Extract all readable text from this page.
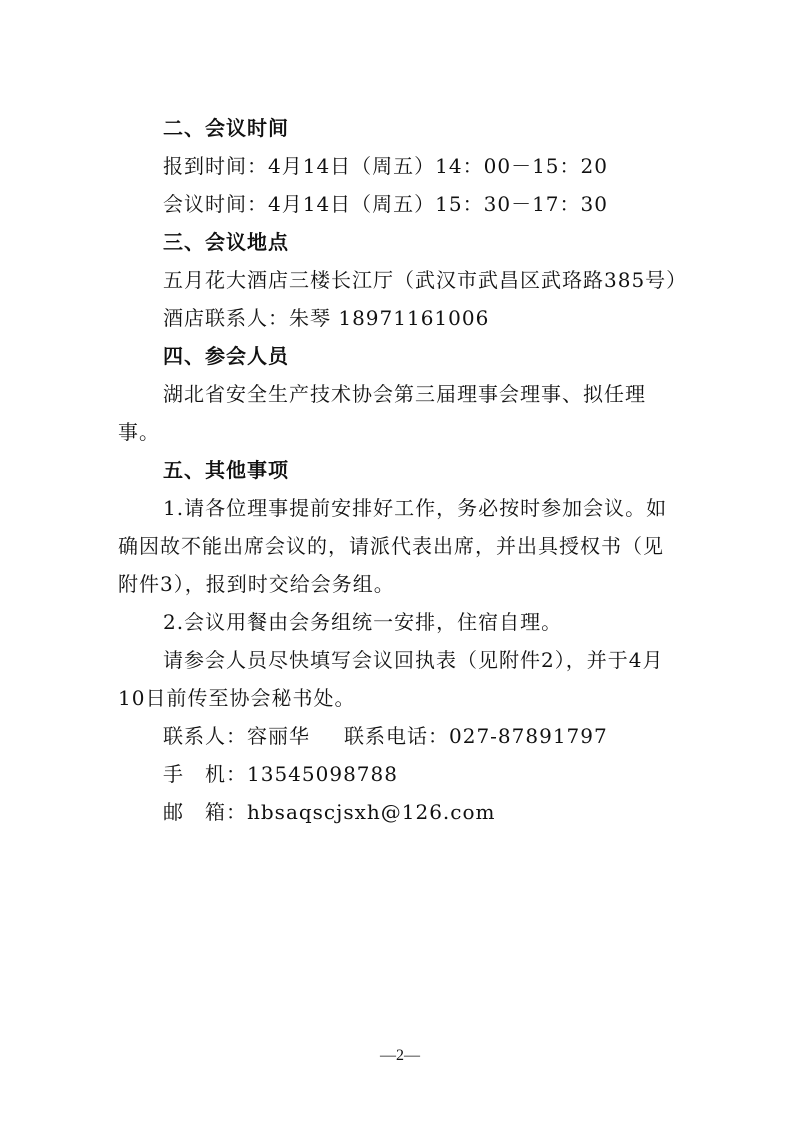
二、会议时间
报到时间：4月14日（周五）14：00－15：20
会议时间：4月14日（周五）15：30－17：30
三、会议地点
五月花大酒店三楼长江厅（武汉市武昌区武珞路385号）
酒店联系人：朱琴 18971161006
四、参会人员
湖北省安全生产技术协会第三届理事会理事、拟任理
事。
五、其他事项
1.请各位理事提前安排好工作，务必按时参加会议。如
确因故不能出席会议的，请派代表出席，并出具授权书（见
附件3），报到时交给会务组。
2.会议用餐由会务组统一安排，住宿自理。
请参会人员尽快填写会议回执表（见附件2），并于4月
10日前传至协会秘书处。
联系人：容丽华 联系电话：027-87891797
手　机：13545098788
邮　箱：hbsaqscjsxh@126.com
—2—
